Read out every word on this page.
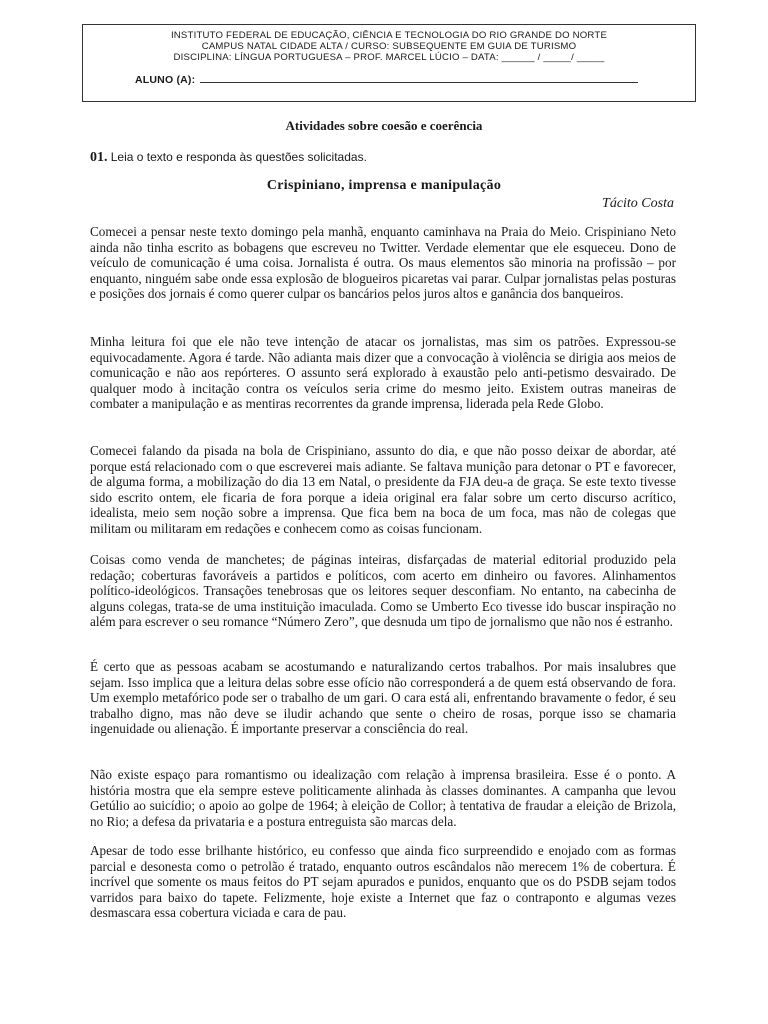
INSTITUTO FEDERAL DE EDUCAÇÃO, CIÊNCIA E TECNOLOGIA DO RIO GRANDE DO NORTE
CAMPUS NATAL CIDADE ALTA / CURSO: SUBSEQUENTE EM GUIA DE TURISMO
DISCIPLINA: LÍNGUA PORTUGUESA – PROF. MARCEL LÚCIO – DATA: ______ / _____/ _____
ALUNO (A):
Atividades sobre coesão e coerência
01. Leia o texto e responda às questões solicitadas.
Crispiniano, imprensa e manipulação
Tácito Costa

Comecei a pensar neste texto domingo pela manhã, enquanto caminhava na Praia do Meio. Crispiniano Neto ainda não tinha escrito as bobagens que escreveu no Twitter. Verdade elementar que ele esqueceu. Dono de veículo de comunicação é uma coisa. Jornalista é outra. Os maus elementos são minoria na profissão – por enquanto, ninguém sabe onde essa explosão de blogueiros picaretas vai parar. Culpar jornalistas pelas posturas e posições dos jornais é como querer culpar os bancários pelos juros altos e ganância dos banqueiros.

Minha leitura foi que ele não teve intenção de atacar os jornalistas, mas sim os patrões. Expressou-se equivocadamente. Agora é tarde. Não adianta mais dizer que a convocação à violência se dirigia aos meios de comunicação e não aos repórteres. O assunto será explorado à exaustão pelo anti-petismo desvairado. De qualquer modo à incitação contra os veículos seria crime do mesmo jeito. Existem outras maneiras de combater a manipulação e as mentiras recorrentes da grande imprensa, liderada pela Rede Globo.

Comecei falando da pisada na bola de Crispiniano, assunto do dia, e que não posso deixar de abordar, até porque está relacionado com o que escreverei mais adiante. Se faltava munição para detonar o PT e favorecer, de alguma forma, a mobilização do dia 13 em Natal, o presidente da FJA deu-a de graça. Se este texto tivesse sido escrito ontem, ele ficaria de fora porque a ideia original era falar sobre um certo discurso acrítico, idealista, meio sem noção sobre a imprensa. Que fica bem na boca de um foca, mas não de colegas que militam ou militaram em redações e conhecem como as coisas funcionam.

Coisas como venda de manchetes; de páginas inteiras, disfarçadas de material editorial produzido pela redação; coberturas favoráveis a partidos e políticos, com acerto em dinheiro ou favores. Alinhamentos político-ideológicos. Transações tenebrosas que os leitores sequer desconfiam. No entanto, na cabecinha de alguns colegas, trata-se de uma instituição imaculada. Como se Umberto Eco tivesse ido buscar inspiração no além para escrever o seu romance “Número Zero”, que desnuda um tipo de jornalismo que não nos é estranho.

É certo que as pessoas acabam se acostumando e naturalizando certos trabalhos. Por mais insalubres que sejam. Isso implica que a leitura delas sobre esse ofício não corresponderá a de quem está observando de fora. Um exemplo metafórico pode ser o trabalho de um gari. O cara está ali, enfrentando bravamente o fedor, é seu trabalho digno, mas não deve se iludir achando que sente o cheiro de rosas, porque isso se chamaria ingenuidade ou alienação. É importante preservar a consciência do real.

Não existe espaço para romantismo ou idealização com relação à imprensa brasileira. Esse é o ponto. A história mostra que ela sempre esteve politicamente alinhada às classes dominantes. A campanha que levou Getúlio ao suicídio; o apoio ao golpe de 1964; à eleição de Collor; à tentativa de fraudar a eleição de Brizola, no Rio; a defesa da privataria e a postura entreguista são marcas dela.

Apesar de todo esse brilhante histórico, eu confesso que ainda fico surpreendido e enojado com as formas parcial e desonesta como o petrolão é tratado, enquanto outros escândalos não merecem 1% de cobertura. É incrível que somente os maus feitos do PT sejam apurados e punidos, enquanto que os do PSDB sejam todos varridos para baixo do tapete. Felizmente, hoje existe a Internet que faz o contraponto e algumas vezes desmascara essa cobertura viciada e cara de pau.
